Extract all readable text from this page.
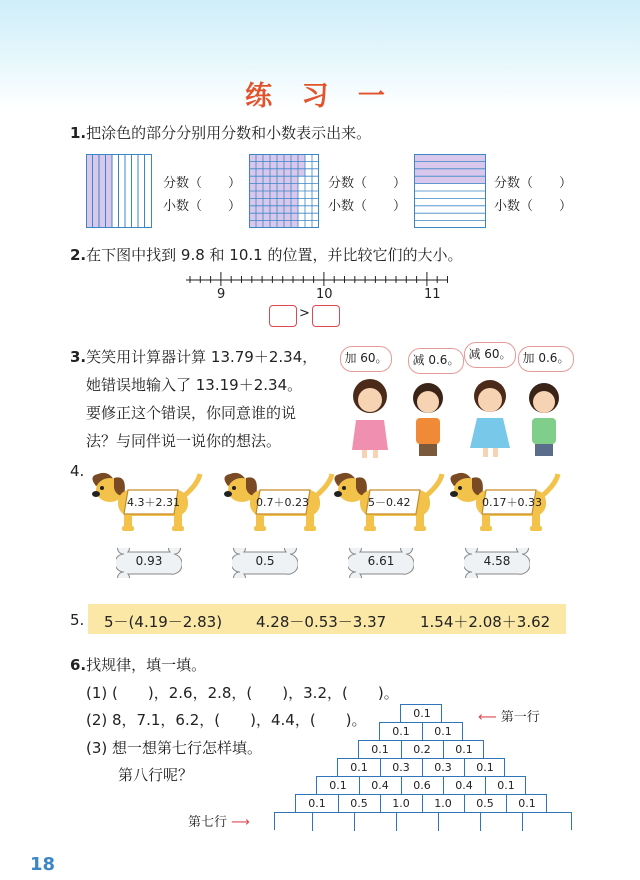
练 习 一
1.把涂色的部分分别用分数和小数表示出来。
分数（　　）
小数（　　）
分数（　　）
小数（　　）
分数（　　）
小数（　　）
2.在下图中找到 9.8 和 10.1 的位置，并比较它们的大小。
9	10	11
>
3.笑笑用计算器计算 13.79＋2.34，
她错误地输入了 13.19＋2.34。
要修正这个错误，你同意谁的说
法？与同伴说一说你的想法。
加 60。	减 0.6。 减 60。 加 0.6。
4.
4.3＋2.31	0.7＋0.23	5－0.42	0.17＋0.33
0.93	0.5	6.61	4.58
5. 5－(4.19－2.83) 4.28－0.53－3.37 1.54＋2.08＋3.62
6.找规律，填一填。
(1) (　　)，2.6，2.8，(　　)，3.2，(　　)。
(2) 8，7.1，6.2，(　　)，4.4，(　　)。
(3) 想一想第七行怎样填。
第八行呢？
⟵ 第一行
0.1
0.1	0.1
0.1	0.2	0.1
0.1	0.3	0.3	0.1
0.1	0.4	0.6	0.4	0.1
0.1	0.5	1.0	1.0	0.5	0.1
第七行 ⟶
18
